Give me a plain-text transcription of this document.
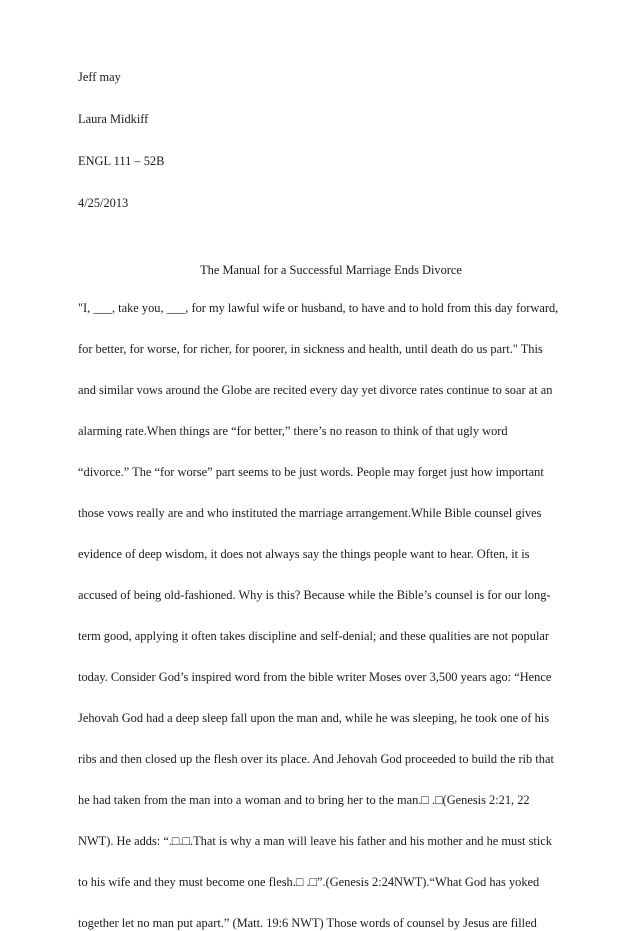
Jeff may
Laura Midkiff
ENGL 111 – 52B
4/25/2013
The Manual for a Successful Marriage Ends Divorce
"I, ___, take you, ___, for my lawful wife or husband, to have and to hold from this day forward,
for better, for worse, for richer, for poorer, in sickness and health, until death do us part." This
and similar vows around the Globe are recited every day yet divorce rates continue to soar at an
alarming rate.When things are “for better,” there’s no reason to think of that ugly word
“divorce.” The “for worse” part seems to be just words. People may forget just how important
those vows really are and who instituted the marriage arrangement.While Bible counsel gives
evidence of deep wisdom, it does not always say the things people want to hear. Often, it is
accused of being old-fashioned. Why is this? Because while the Bible’s counsel is for our long-
term good, applying it often takes discipline and self-denial; and these qualities are not popular
today. Consider God’s inspired word from the bible writer Moses over 3,500 years ago: “Hence
Jehovah God had a deep sleep fall upon the man and, while he was sleeping, he took one of his
ribs and then closed up the flesh over its place. And Jehovah God proceeded to build the rib that
he had taken from the man into a woman and to bring her to the man.□ .□(Genesis 2:21, 22
NWT). He adds: “.□.□.That is why a man will leave his father and his mother and he must stick
to his wife and they must become one flesh.□ .□”.(Genesis 2:24NWT).“What God has yoked
together let no man put apart.” (Matt. 19:6 NWT) Those words of counsel by Jesus are filled
